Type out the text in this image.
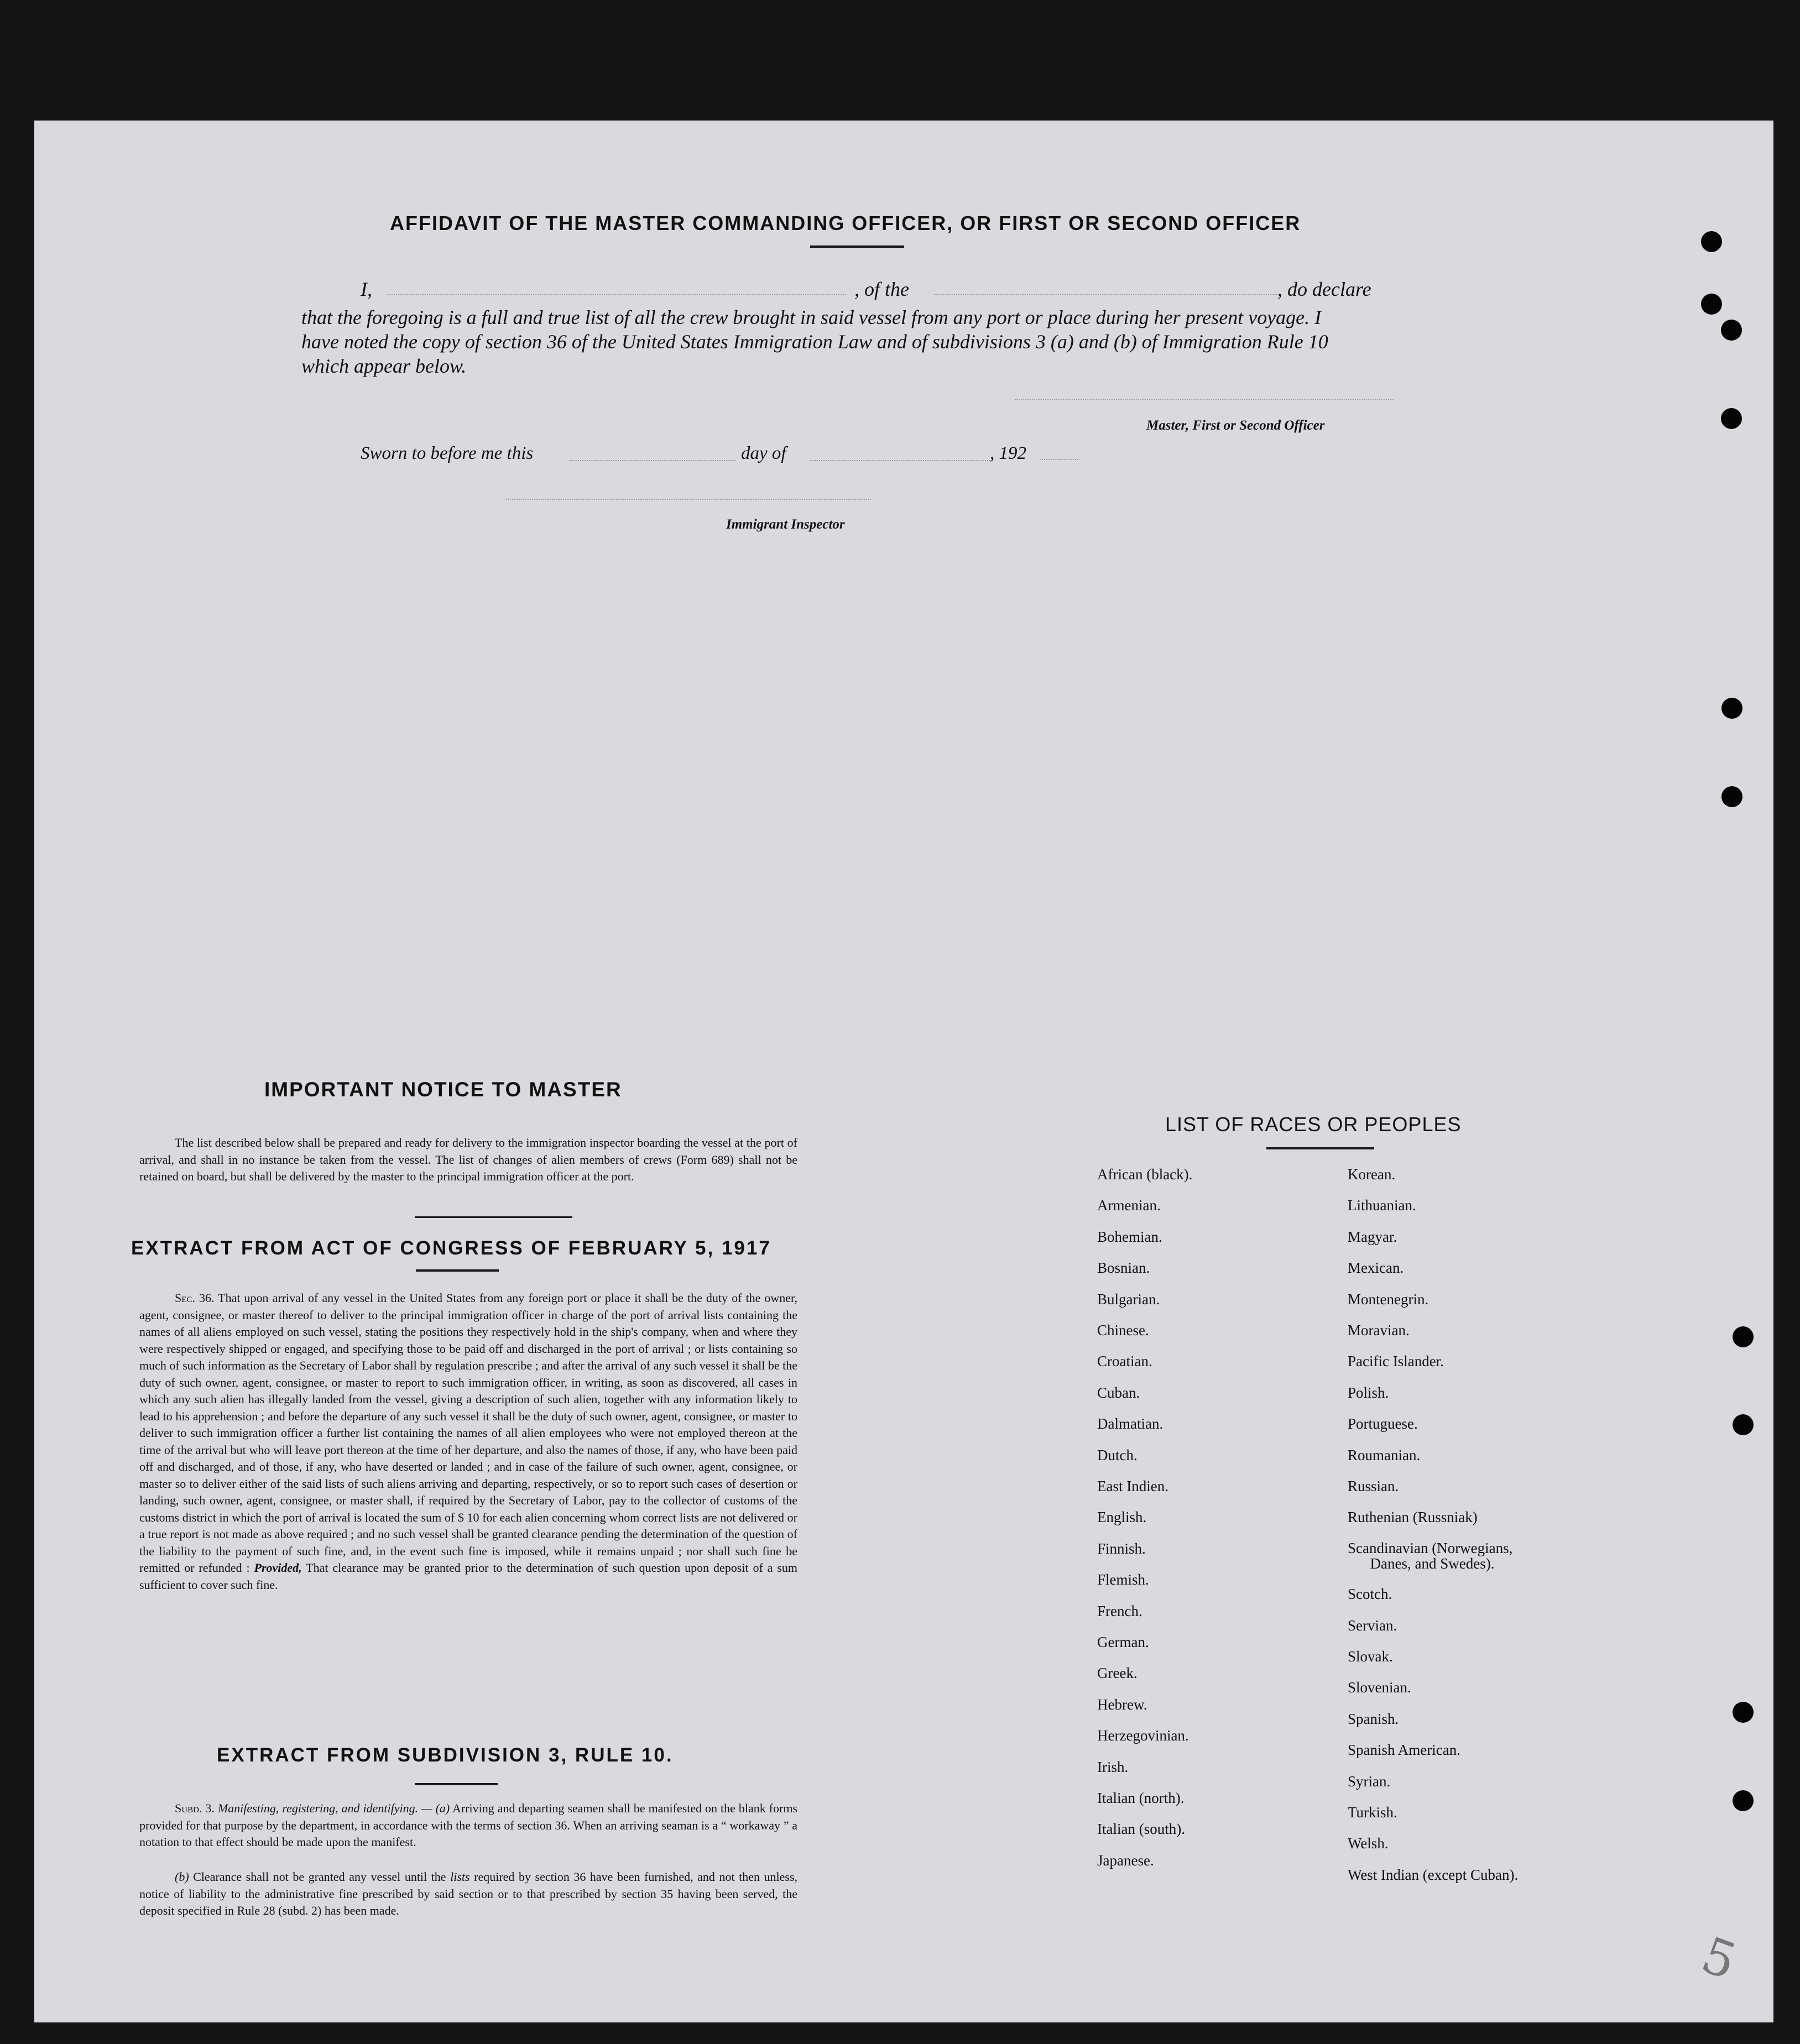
AFFIDAVIT OF THE MASTER COMMANDING OFFICER, OR FIRST OR SECOND OFFICER
I,	, of the	, do declare
that the foregoing is a full and true list of all the crew brought in said vessel from any port or place during her present voyage. I have noted the copy of section 36 of the United States Immigration Law and of subdivisions 3 (a) and (b) of Immigration Rule 10 which appear below.
Master, First or Second Officer
Sworn to before me this	day of	, 192
Immigrant Inspector
IMPORTANT NOTICE TO MASTER
The list described below shall be prepared and ready for delivery to the immigration inspector boarding the vessel at the port of arrival, and shall in no instance be taken from the vessel. The list of changes of alien members of crews (Form 689) shall not be retained on board, but shall be delivered by the master to the principal immigration officer at the port.
EXTRACT FROM ACT OF CONGRESS OF FEBRUARY 5, 1917
Sec. 36. That upon arrival of any vessel in the United States from any foreign port or place it shall be the duty of the owner, agent, consignee, or master thereof to deliver to the principal immigration officer in charge of the port of arrival lists containing the names of all aliens employed on such vessel, stating the positions they respectively hold in the ship's company, when and where they were respectively shipped or engaged, and specifying those to be paid off and discharged in the port of arrival ; or lists containing so much of such information as the Secretary of Labor shall by regulation prescribe ; and after the arrival of any such vessel it shall be the duty of such owner, agent, consignee, or master to report to such immigration officer, in writing, as soon as discovered, all cases in which any such alien has illegally landed from the vessel, giving a description of such alien, together with any information likely to lead to his apprehension ; and before the departure of any such vessel it shall be the duty of such owner, agent, consignee, or master to deliver to such immigration officer a further list containing the names of all alien employees who were not employed thereon at the time of the arrival but who will leave port thereon at the time of her departure, and also the names of those, if any, who have been paid off and discharged, and of those, if any, who have deserted or landed ; and in case of the failure of such owner, agent, consignee, or master so to deliver either of the said lists of such aliens arriving and departing, respectively, or so to report such cases of desertion or landing, such owner, agent, consignee, or master shall, if required by the Secretary of Labor, pay to the collector of customs of the customs district in which the port of arrival is located the sum of $ 10 for each alien concerning whom correct lists are not delivered or a true report is not made as above required ; and no such vessel shall be granted clearance pending the determination of the question of the liability to the payment of such fine, and, in the event such fine is imposed, while it remains unpaid ; nor shall such fine be remitted or refunded : Provided, That clearance may be granted prior to the determination of such question upon deposit of a sum sufficient to cover such fine.
EXTRACT FROM SUBDIVISION 3, RULE 10.
Subd. 3. Manifesting, registering, and identifying. — (a) Arriving and departing seamen shall be manifested on the blank forms provided for that purpose by the department, in accordance with the terms of section 36. When an arriving seaman is a “ workaway ” a notation to that effect should be made upon the manifest.
(b) Clearance shall not be granted any vessel until the lists required by section 36 have been furnished, and not then unless, notice of liability to the administrative fine prescribed by said section or to that prescribed by section 35 having been served, the deposit specified in Rule 28 (subd. 2) has been made.
LIST OF RACES OR PEOPLES
African (black).
Armenian.
Bohemian.
Bosnian.
Bulgarian.
Chinese.
Croatian.
Cuban.
Dalmatian.
Dutch.
East Indien.
English.
Finnish.
Flemish.
French.
German.
Greek.
Hebrew.
Herzegovinian.
Irish.
Italian (north).
Italian (south).
Japanese.
Korean.
Lithuanian.
Magyar.
Mexican.
Montenegrin.
Moravian.
Pacific Islander.
Polish.
Portuguese.
Roumanian.
Russian.
Ruthenian (Russniak)
Scandinavian (Norwegians,
Danes, and Swedes).
Scotch.
Servian.
Slovak.
Slovenian.
Spanish.
Spanish American.
Syrian.
Turkish.
Welsh.
West Indian (except Cuban).
5
